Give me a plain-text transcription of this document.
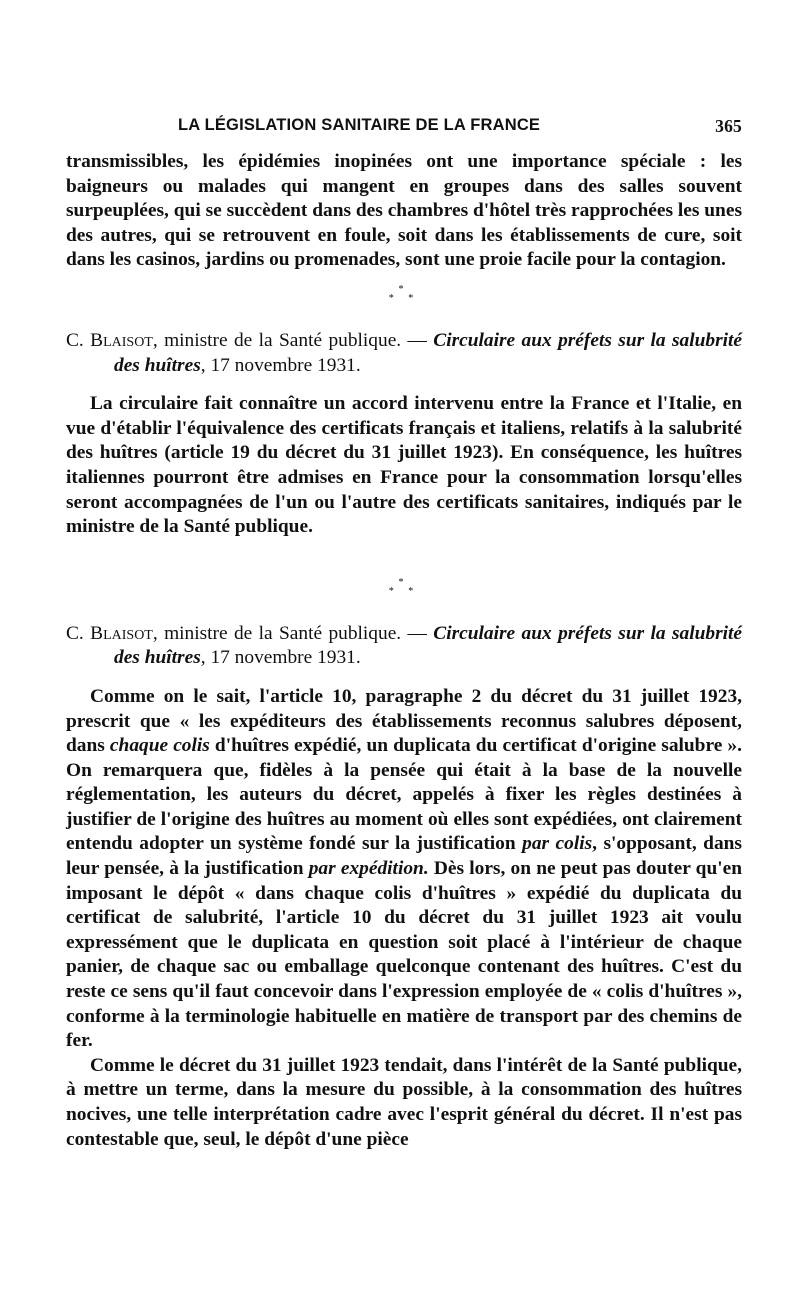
LA LÉGISLATION SANITAIRE DE LA FRANCE	365

transmissibles, les épidémies inopinées ont une importance spéciale : les baigneurs ou malades qui mangent en groupes dans des salles souvent surpeuplées, qui se succèdent dans des chambres d'hôtel très rapprochées les unes des autres, qui se retrouvent en foule, soit dans les établissements de cure, soit dans les casinos, jardins ou promenades, sont une proie facile pour la contagion.

*
* *
C. Blaisot, ministre de la Santé publique. — Circulaire aux préfets sur la salubrité des huîtres, 17 novembre 1931.

La circulaire fait connaître un accord intervenu entre la France et l'Italie, en vue d'établir l'équivalence des certificats français et italiens, relatifs à la salubrité des huîtres (article 19 du décret du 31 juillet 1923). En conséquence, les huîtres italiennes pourront être admises en France pour la consommation lorsqu'elles seront accompagnées de l'un ou l'autre des certificats sanitaires, indiqués par le ministre de la Santé publique.

*
* *
C. Blaisot, ministre de la Santé publique. — Circulaire aux préfets sur la salubrité des huîtres, 17 novembre 1931.

Comme on le sait, l'article 10, paragraphe 2 du décret du 31 juillet 1923, prescrit que « les expéditeurs des établissements reconnus salubres déposent, dans chaque colis d'huîtres expédié, un duplicata du certificat d'origine salubre ». On remarquera que, fidèles à la pensée qui était à la base de la nouvelle réglementation, les auteurs du décret, appelés à fixer les règles destinées à justifier de l'origine des huîtres au moment où elles sont expédiées, ont clairement entendu adopter un système fondé sur la justification par colis, s'opposant, dans leur pensée, à la justification par expédition. Dès lors, on ne peut pas douter qu'en imposant le dépôt « dans chaque colis d'huîtres » expédié du duplicata du certificat de salubrité, l'article 10 du décret du 31 juillet 1923 ait voulu expressément que le duplicata en question soit placé à l'intérieur de chaque panier, de chaque sac ou emballage quelconque contenant des huîtres. C'est du reste ce sens qu'il faut concevoir dans l'expression employée de « colis d'huîtres », conforme à la terminologie habituelle en matière de transport par des chemins de fer.

Comme le décret du 31 juillet 1923 tendait, dans l'intérêt de la Santé publique, à mettre un terme, dans la mesure du possible, à la consommation des huîtres nocives, une telle interprétation cadre avec l'esprit général du décret. Il n'est pas contestable que, seul, le dépôt d'une pièce
